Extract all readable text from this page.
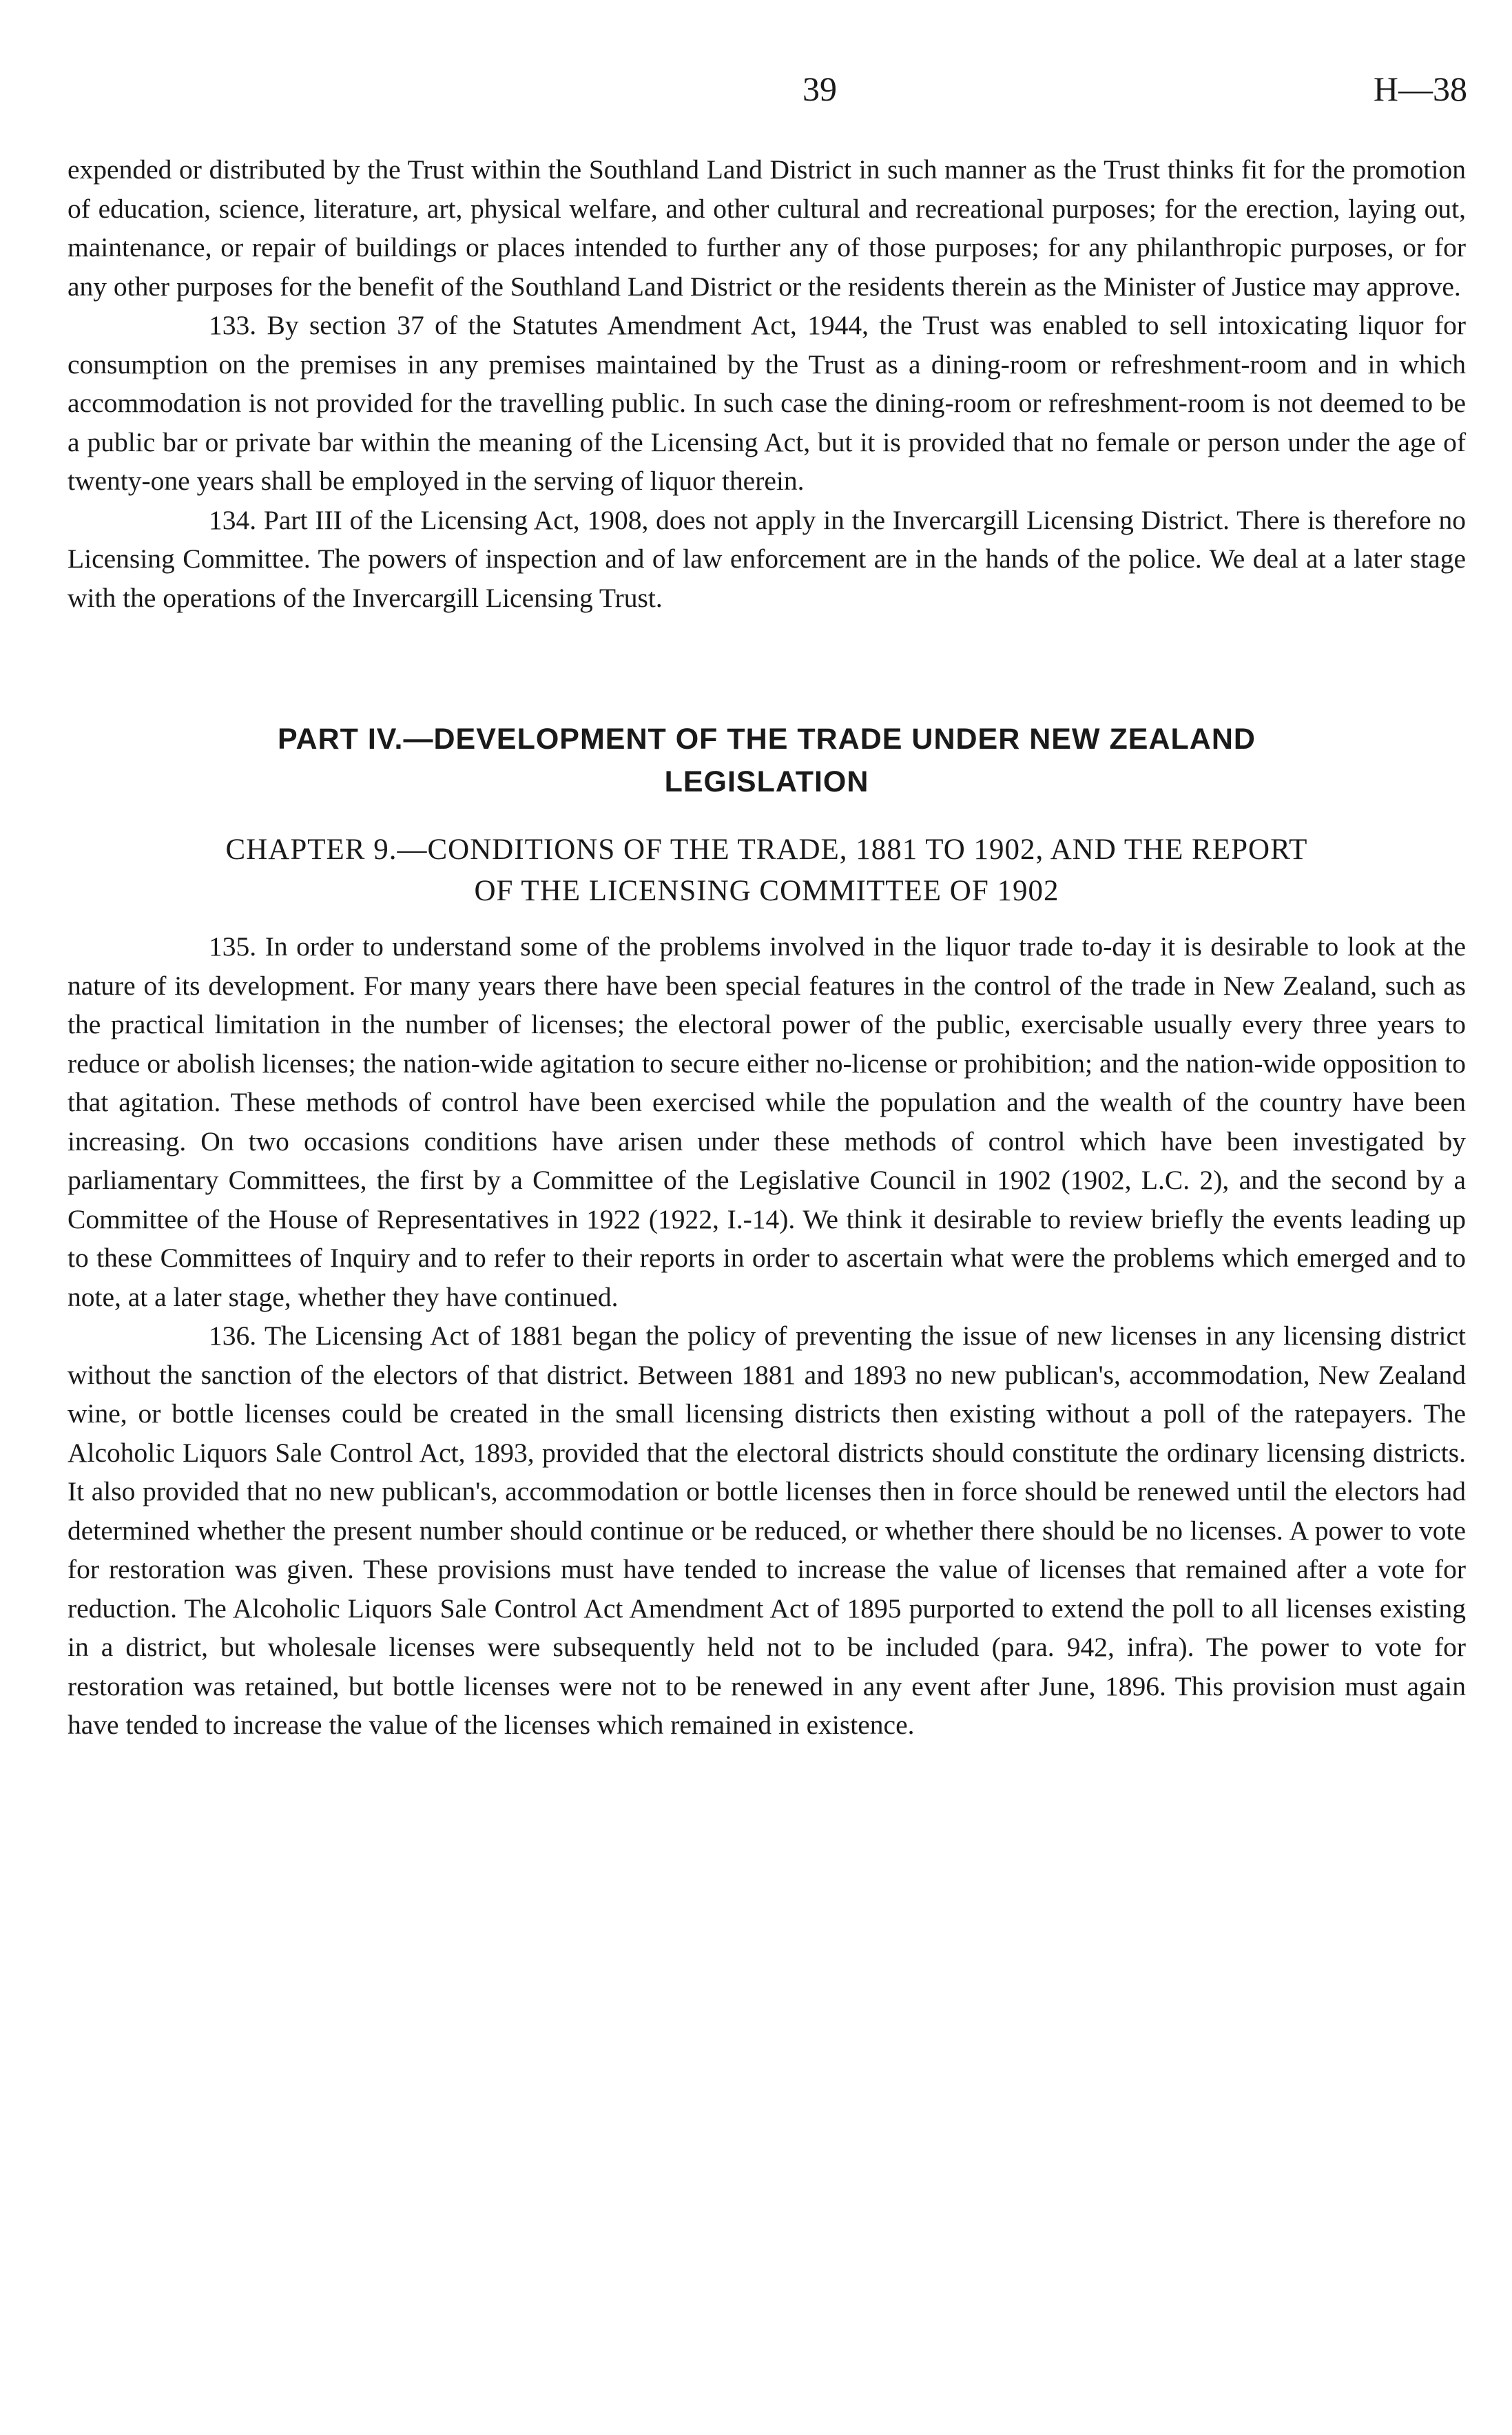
39	H—38

expended or distributed by the Trust within the Southland Land District in such manner as the Trust thinks fit for the promotion of education, science, literature, art, physical welfare, and other cultural and recreational purposes; for the erection, laying out, maintenance, or repair of buildings or places intended to further any of those purposes; for any philanthropic purposes, or for any other purposes for the benefit of the Southland Land District or the residents therein as the Minister of Justice may approve.

133. By section 37 of the Statutes Amendment Act, 1944, the Trust was enabled to sell intoxicating liquor for consumption on the premises in any premises maintained by the Trust as a dining-room or refreshment-room and in which accommodation is not provided for the travelling public. In such case the dining-room or refreshment-room is not deemed to be a public bar or private bar within the meaning of the Licensing Act, but it is provided that no female or person under the age of twenty-one years shall be employed in the serving of liquor therein.

134. Part III of the Licensing Act, 1908, does not apply in the Invercargill Licensing District. There is therefore no Licensing Committee. The powers of inspection and of law enforcement are in the hands of the police. We deal at a later stage with the operations of the Invercargill Licensing Trust.

PART IV.—DEVELOPMENT OF THE TRADE UNDER NEW ZEALAND
LEGISLATION
CHAPTER 9.—CONDITIONS OF THE TRADE, 1881 TO 1902, AND THE REPORT
OF THE LICENSING COMMITTEE OF 1902

135. In order to understand some of the problems involved in the liquor trade to-day it is desirable to look at the nature of its development. For many years there have been special features in the control of the trade in New Zealand, such as the practical limitation in the number of licenses; the electoral power of the public, exercisable usually every three years to reduce or abolish licenses; the nation-wide agitation to secure either no-license or prohibition; and the nation-wide opposition to that agitation. These methods of control have been exercised while the population and the wealth of the country have been increasing. On two occasions conditions have arisen under these methods of control which have been investigated by parliamentary Committees, the first by a Committee of the Legislative Council in 1902 (1902, L.C. 2), and the second by a Committee of the House of Representatives in 1922 (1922, I.-14). We think it desirable to review briefly the events leading up to these Committees of Inquiry and to refer to their reports in order to ascertain what were the problems which emerged and to note, at a later stage, whether they have continued.

136. The Licensing Act of 1881 began the policy of preventing the issue of new licenses in any licensing district without the sanction of the electors of that district. Between 1881 and 1893 no new publican's, accommodation, New Zealand wine, or bottle licenses could be created in the small licensing districts then existing without a poll of the ratepayers. The Alcoholic Liquors Sale Control Act, 1893, provided that the electoral districts should constitute the ordinary licensing districts. It also provided that no new publican's, accommodation or bottle licenses then in force should be renewed until the electors had determined whether the present number should continue or be reduced, or whether there should be no licenses. A power to vote for restoration was given. These provisions must have tended to increase the value of licenses that remained after a vote for reduction. The Alcoholic Liquors Sale Control Act Amendment Act of 1895 purported to extend the poll to all licenses existing in a district, but wholesale licenses were subsequently held not to be included (para. 942, infra). The power to vote for restoration was retained, but bottle licenses were not to be renewed in any event after June, 1896. This provision must again have tended to increase the value of the licenses which remained in existence.
